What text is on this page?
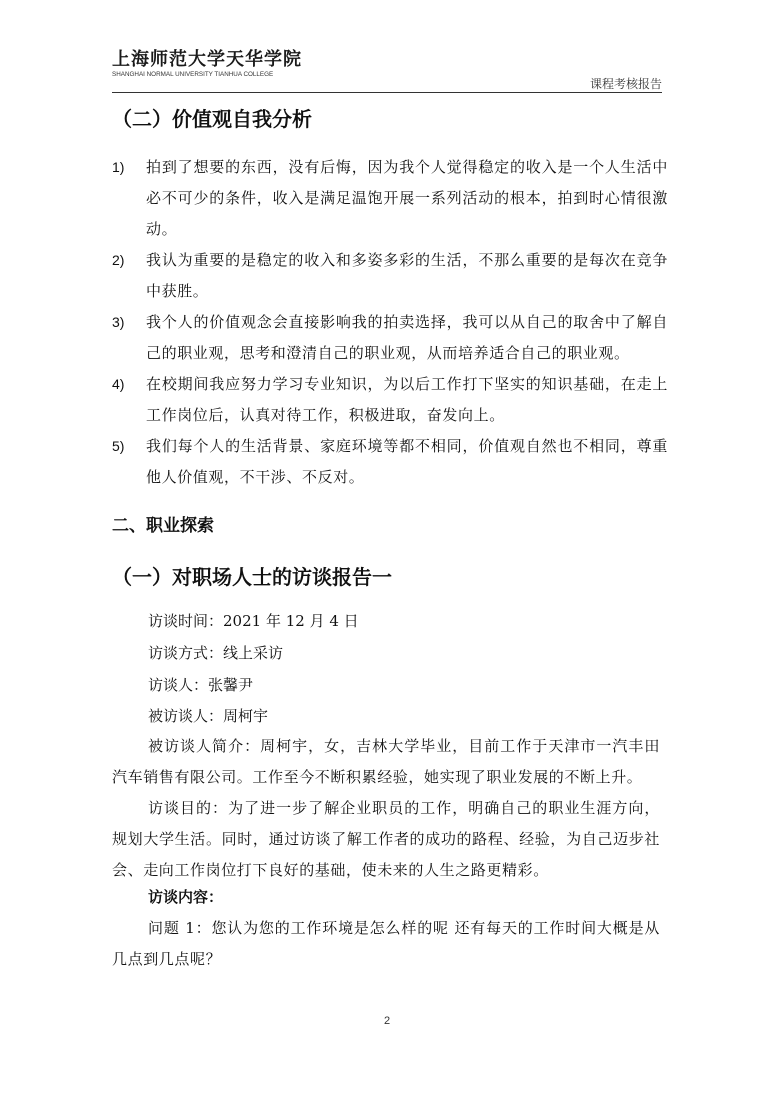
上海师范大学天华学院
SHANGHAI NORMAL UNIVERSITY TIANHUA COLLEGE
课程考核报告
（二）价值观自我分析
1)	拍到了想要的东西，没有后悔，因为我个人觉得稳定的收入是一个人生活中必不可少的条件，收入是满足温饱开展一系列活动的根本，拍到时心情很激动。
2)	我认为重要的是稳定的收入和多姿多彩的生活，不那么重要的是每次在竞争中获胜。
3)	我个人的价值观念会直接影响我的拍卖选择，我可以从自己的取舍中了解自己的职业观，思考和澄清自己的职业观，从而培养适合自己的职业观。
4)	在校期间我应努力学习专业知识，为以后工作打下坚实的知识基础，在走上工作岗位后，认真对待工作，积极进取，奋发向上。
5)	我们每个人的生活背景、家庭环境等都不相同，价值观自然也不相同，尊重他人价值观，不干涉、不反对。
二、职业探索
（一）对职场人士的访谈报告一
访谈时间：2021 年 12 月 4 日
访谈方式：线上采访
访谈人：张馨尹
被访谈人：周柯宇
被访谈人简介：周柯宇，女，吉林大学毕业，目前工作于天津市一汽丰田汽车销售有限公司。工作至今不断积累经验，她实现了职业发展的不断上升。
访谈目的：为了进一步了解企业职员的工作，明确自己的职业生涯方向，规划大学生活。同时，通过访谈了解工作者的成功的路程、经验，为自己迈步社会、走向工作岗位打下良好的基础，使未来的人生之路更精彩。
访谈内容：
问题 1：您认为您的工作环境是怎么样的呢 还有每天的工作时间大概是从几点到几点呢？
2
